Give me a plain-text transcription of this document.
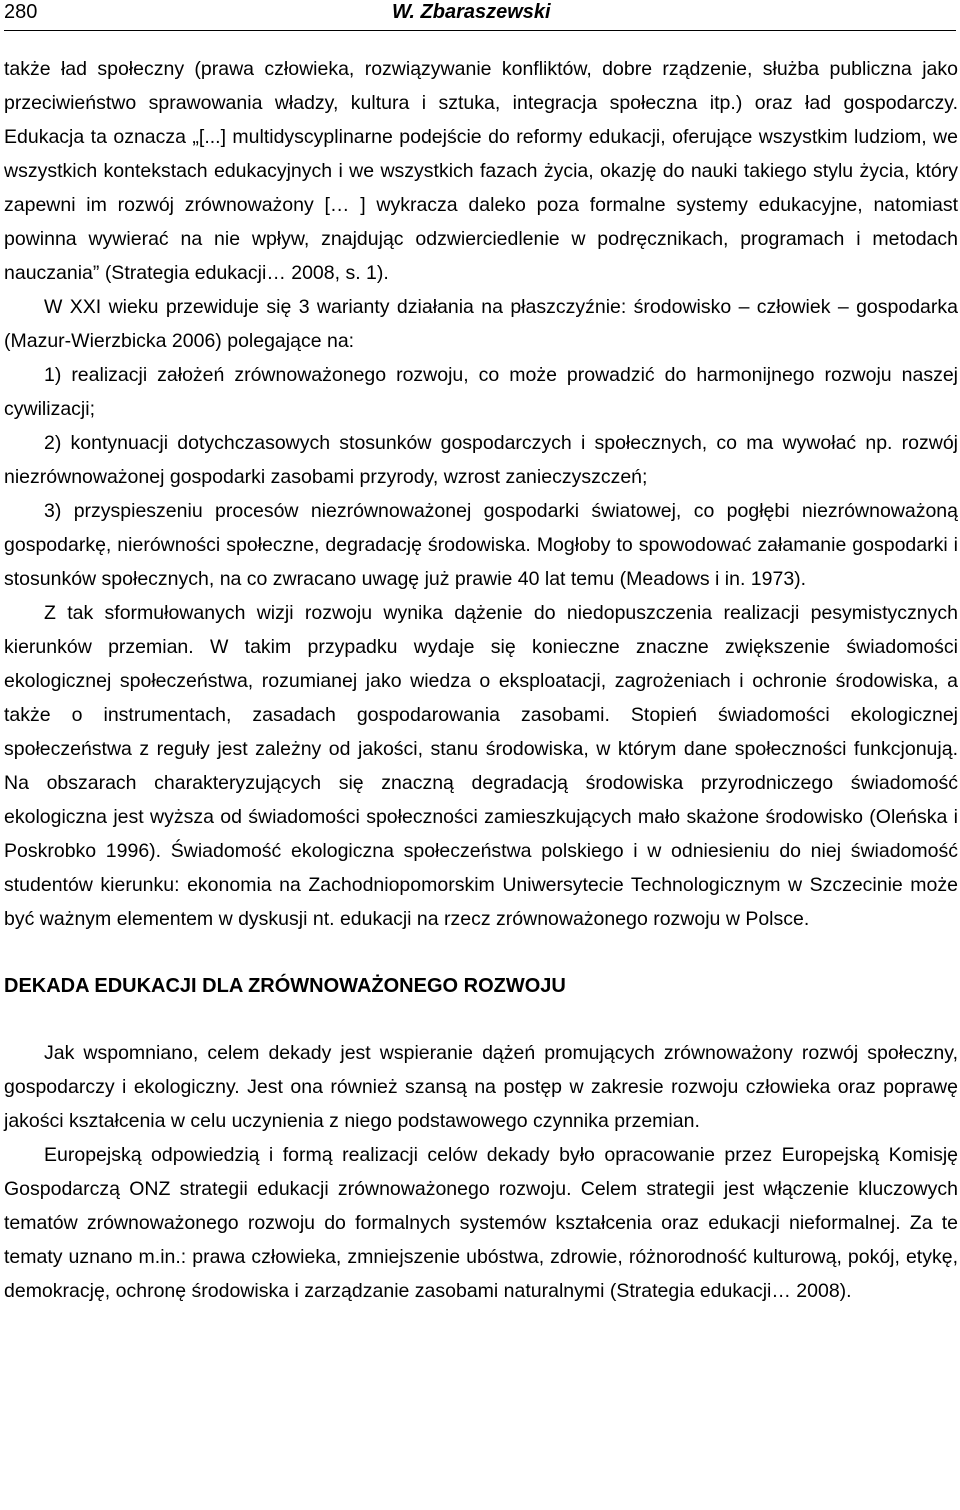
280	W. Zbaraszewski

także ład społeczny (prawa człowieka, rozwiązywanie konfliktów, dobre rządzenie, służba publiczna jako przeciwieństwo sprawowania władzy, kultura i sztuka, integracja społeczna itp.) oraz ład gospodarczy. Edukacja ta oznacza „[...] multidyscyplinarne podejście do reformy edukacji, oferujące wszystkim ludziom, we wszystkich kontekstach edukacyjnych i we wszystkich fazach życia, okazję do nauki takiego stylu życia, który zapewni im rozwój zrównoważony [… ] wykracza daleko poza formalne systemy edukacyjne, natomiast powinna wywierać na nie wpływ, znajdując odzwierciedlenie w podręcznikach, programach i metodach nauczania” (Strategia edukacji… 2008, s. 1).

W XXI wieku przewiduje się 3 warianty działania na płaszczyźnie: środowisko ‒ człowiek ‒ gospodarka (Mazur-Wierzbicka 2006) polegające na:

1) realizacji założeń zrównoważonego rozwoju, co może prowadzić do harmonijnego rozwoju naszej cywilizacji;

2) kontynuacji dotychczasowych stosunków gospodarczych i społecznych, co ma wywołać np. rozwój niezrównoważonej gospodarki zasobami przyrody, wzrost zanieczyszczeń;

3) przyspieszeniu procesów niezrównoważonej gospodarki światowej, co pogłębi niezrównoważoną gospodarkę, nierówności społeczne, degradację środowiska. Mogłoby to spowodować załamanie gospodarki i stosunków społecznych, na co zwracano uwagę już prawie 40 lat temu (Meadows i in. 1973).

Z tak sformułowanych wizji rozwoju wynika dążenie do niedopuszczenia realizacji pesymistycznych kierunków przemian. W takim przypadku wydaje się konieczne znaczne zwiększenie świadomości ekologicznej społeczeństwa, rozumianej jako wiedza o eksploatacji, zagrożeniach i ochronie środowiska, a także o instrumentach, zasadach gospodarowania zasobami. Stopień świadomości ekologicznej społeczeństwa z reguły jest zależny od jakości, stanu środowiska, w którym dane społeczności funkcjonują. Na obszarach charakteryzujących się znaczną degradacją środowiska przyrodniczego świadomość ekologiczna jest wyższa od świadomości społeczności zamieszkujących mało skażone środowisko (Oleńska i Poskrobko 1996). Świadomość ekologiczna społeczeństwa polskiego i w odniesieniu do niej świadomość studentów kierunku: ekonomia na Zachodniopomorskim Uniwersytecie Technologicznym w Szczecinie może być ważnym elementem w dyskusji nt. edukacji na rzecz zrównoważonego rozwoju w Polsce.

DEKADA EDUKACJI DLA ZRÓWNOWAŻONEGO ROZWOJU

Jak wspomniano, celem dekady jest wspieranie dążeń promujących zrównoważony rozwój społeczny, gospodarczy i ekologiczny. Jest ona również szansą na postęp w zakresie rozwoju człowieka oraz poprawę jakości kształcenia w celu uczynienia z niego podstawowego czynnika przemian.

Europejską odpowiedzią i formą realizacji celów dekady było opracowanie przez Europejską Komisję Gospodarczą ONZ strategii edukacji zrównoważonego rozwoju. Celem strategii jest włączenie kluczowych tematów zrównoważonego rozwoju do formalnych systemów kształcenia oraz edukacji nieformalnej. Za te tematy uznano m.in.: prawa człowieka, zmniejszenie ubóstwa, zdrowie, różnorodność kulturową, pokój, etykę, demokrację, ochronę środowiska i zarządzanie zasobami naturalnymi (Strategia edukacji… 2008).
